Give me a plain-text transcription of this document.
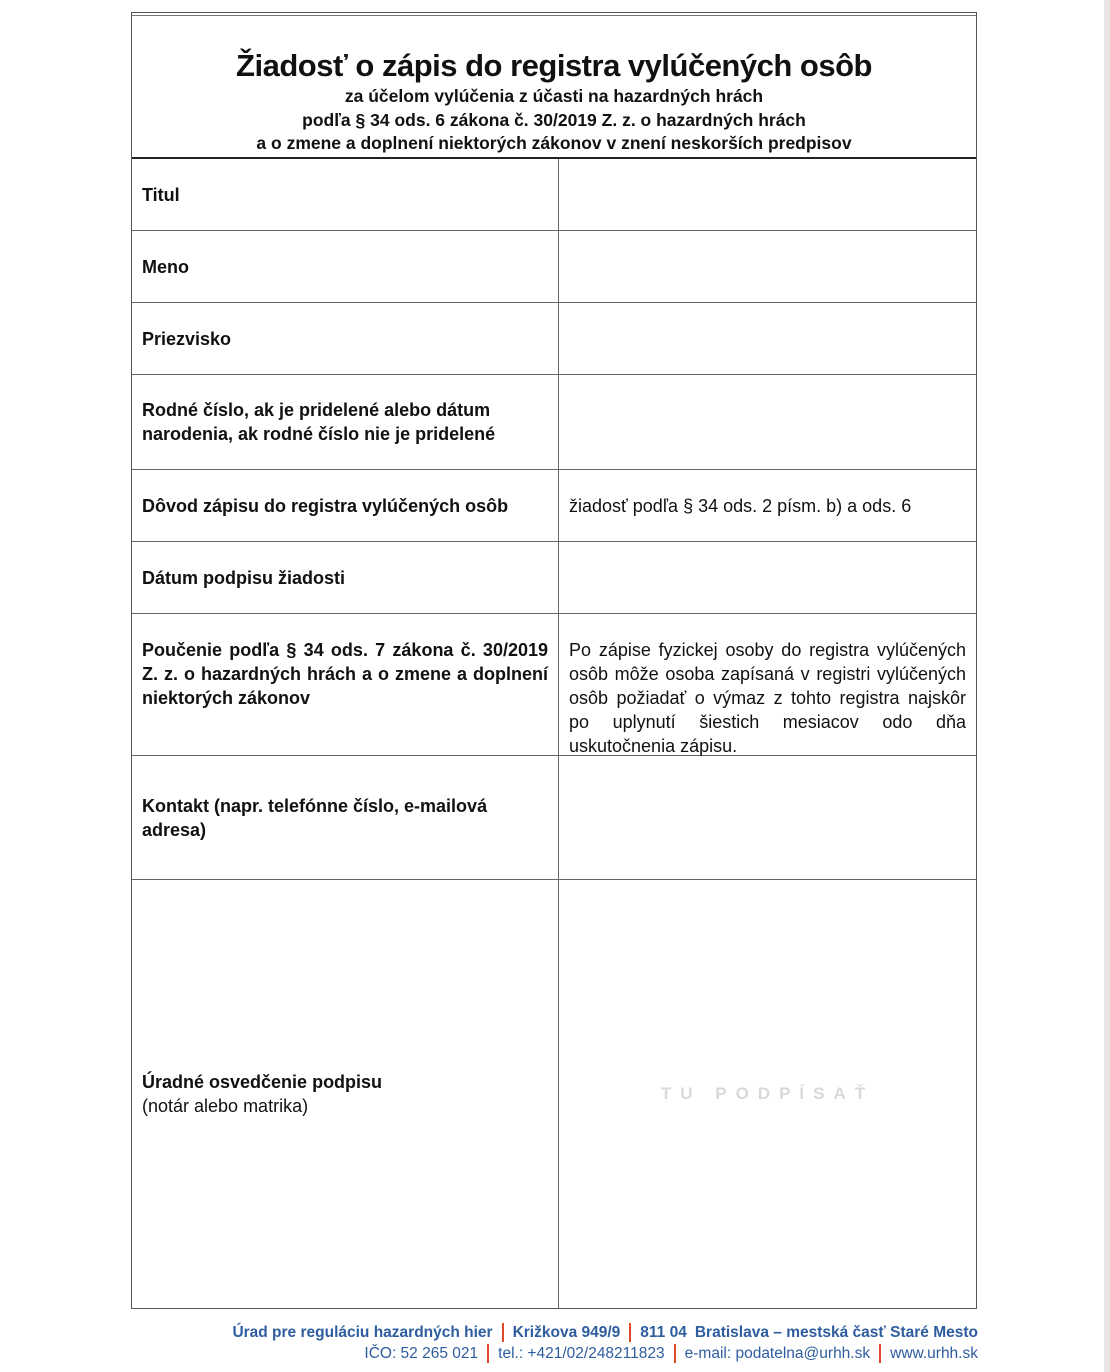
Žiadosť o zápis do registra vylúčených osôb
za účelom vylúčenia z účasti na hazardných hrách
podľa § 34 ods. 6 zákona č. 30/2019 Z. z. o hazardných hrách
a o zmene a doplnení niektorých zákonov v znení neskorších predpisov
Titul
Meno
Priezvisko
Rodné číslo, ak je pridelené alebo dátum narodenia, ak rodné číslo nie je pridelené
Dôvod zápisu do registra vylúčených osôb	žiadosť podľa § 34 ods. 2 písm. b) a ods. 6
Dátum podpisu žiadosti
Poučenie podľa § 34 ods. 7 zákona č. 30/2019 Z. z. o hazardných hrách a o zmene a doplnení niektorých zákonov
Po zápise fyzickej osoby do registra vylúčených osôb môže osoba zapísaná v registri vylúčených osôb požiadať o výmaz z tohto registra najskôr po uplynutí šiestich mesiacov odo dňa uskutočnenia zápisu.
Kontakt (napr. telefónne číslo, e-mailová adresa)
Úradné osvedčenie podpisu
(notár alebo matrika)
TU PODPÍSAŤ
Úrad pre reguláciu hazardných hier Križkova 949/9 811 04 Bratislava – mestská časť Staré Mesto
IČO: 52 265 021 tel.: +421/02/248211823 e-mail: podatelna@urhh.sk www.urhh.sk
